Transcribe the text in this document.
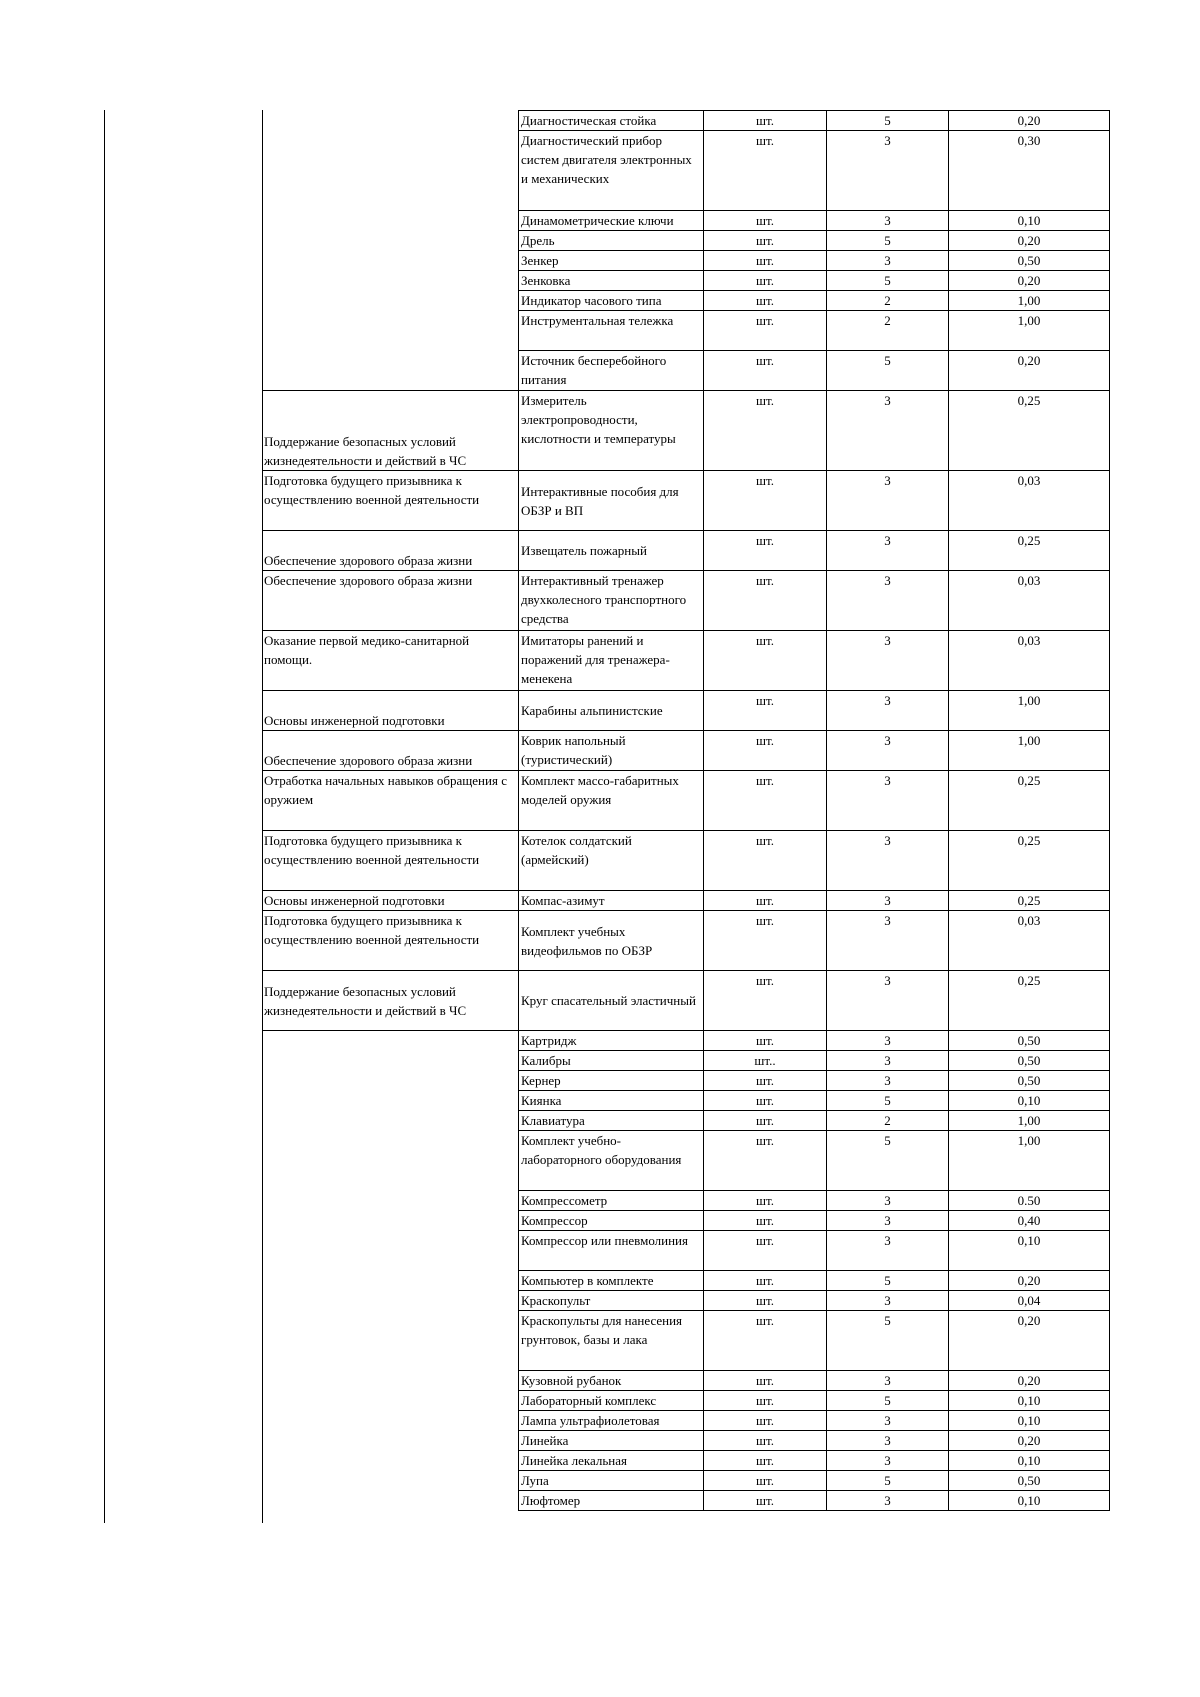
	Диагностическая стойка	шт.	5	0,20
	Диагностический прибор систем двигателя электронных и механических	шт.	3	0,30
	Динамометрические ключи	шт.	3	0,10
	Дрель	шт.	5	0,20
	Зенкер	шт.	3	0,50
	Зенковка	шт.	5	0,20
	Индикатор часового типа	шт.	2	1,00
	Инструментальная тележка	шт.	2	1,00
	Источник бесперебойного питания	шт.	5	0,20
Поддержание безопасных условий жизнедеятельности и действий в ЧС	Измеритель электропроводности, кислотности и температуры	шт.	3	0,25
Подготовка будущего призывника к осуществлению военной деятельности	Интерактивные пособия для ОБЗР и ВП	шт.	3	0,03
Обеспечение здорового образа жизни	Извещатель пожарный	шт.	3	0,25
Обеспечение здорового образа жизни	Интерактивный тренажер двухколесного транспортного средства	шт.	3	0,03
Оказание первой медико-санитарной помощи.	Имитаторы ранений и поражений для тренажера-менекена	шт.	3	0,03
Основы инженерной подготовки	Карабины альпинистские	шт.	3	1,00
Обеспечение здорового образа жизни	Коврик напольный (туристический)	шт.	3	1,00
Отработка начальных навыков обращения с оружием	Комплект массо-габаритных моделей оружия	шт.	3	0,25
Подготовка будущего призывника к осуществлению военной деятельности	Котелок солдатский (армейский)	шт.	3	0,25
Основы инженерной подготовки	Компас-азимут	шт.	3	0,25
Подготовка будущего призывника к осуществлению военной деятельности	Комплект учебных видеофильмов по ОБЗР	шт.	3	0,03
Поддержание безопасных условий жизнедеятельности и действий в ЧС	Круг спасательный эластичный	шт.	3	0,25
	Картридж	шт.	3	0,50
	Калибры	шт..	3	0,50
	Кернер	шт.	3	0,50
	Киянка	шт.	5	0,10
	Клавиатура	шт.	2	1,00
	Комплект учебно-лабораторного оборудования	шт.	5	1,00
	Компрессометр	шт.	3	0.50
	Компрессор	шт.	3	0,40
	Компрессор или пневмолиния	шт.	3	0,10
	Компьютер в комплекте	шт.	5	0,20
	Краскопульт	шт.	3	0,04
	Краскопульты для нанесения грунтовок, базы и лака	шт.	5	0,20
	Кузовной рубанок	шт.	3	0,20
	Лабораторный комплекс	шт.	5	0,10
	Лампа ультрафиолетовая	шт.	3	0,10
	Линейка	шт.	3	0,20
	Линейка лекальная	шт.	3	0,10
	Лупа	шт.	5	0,50
	Люфтомер	шт.	3	0,10
